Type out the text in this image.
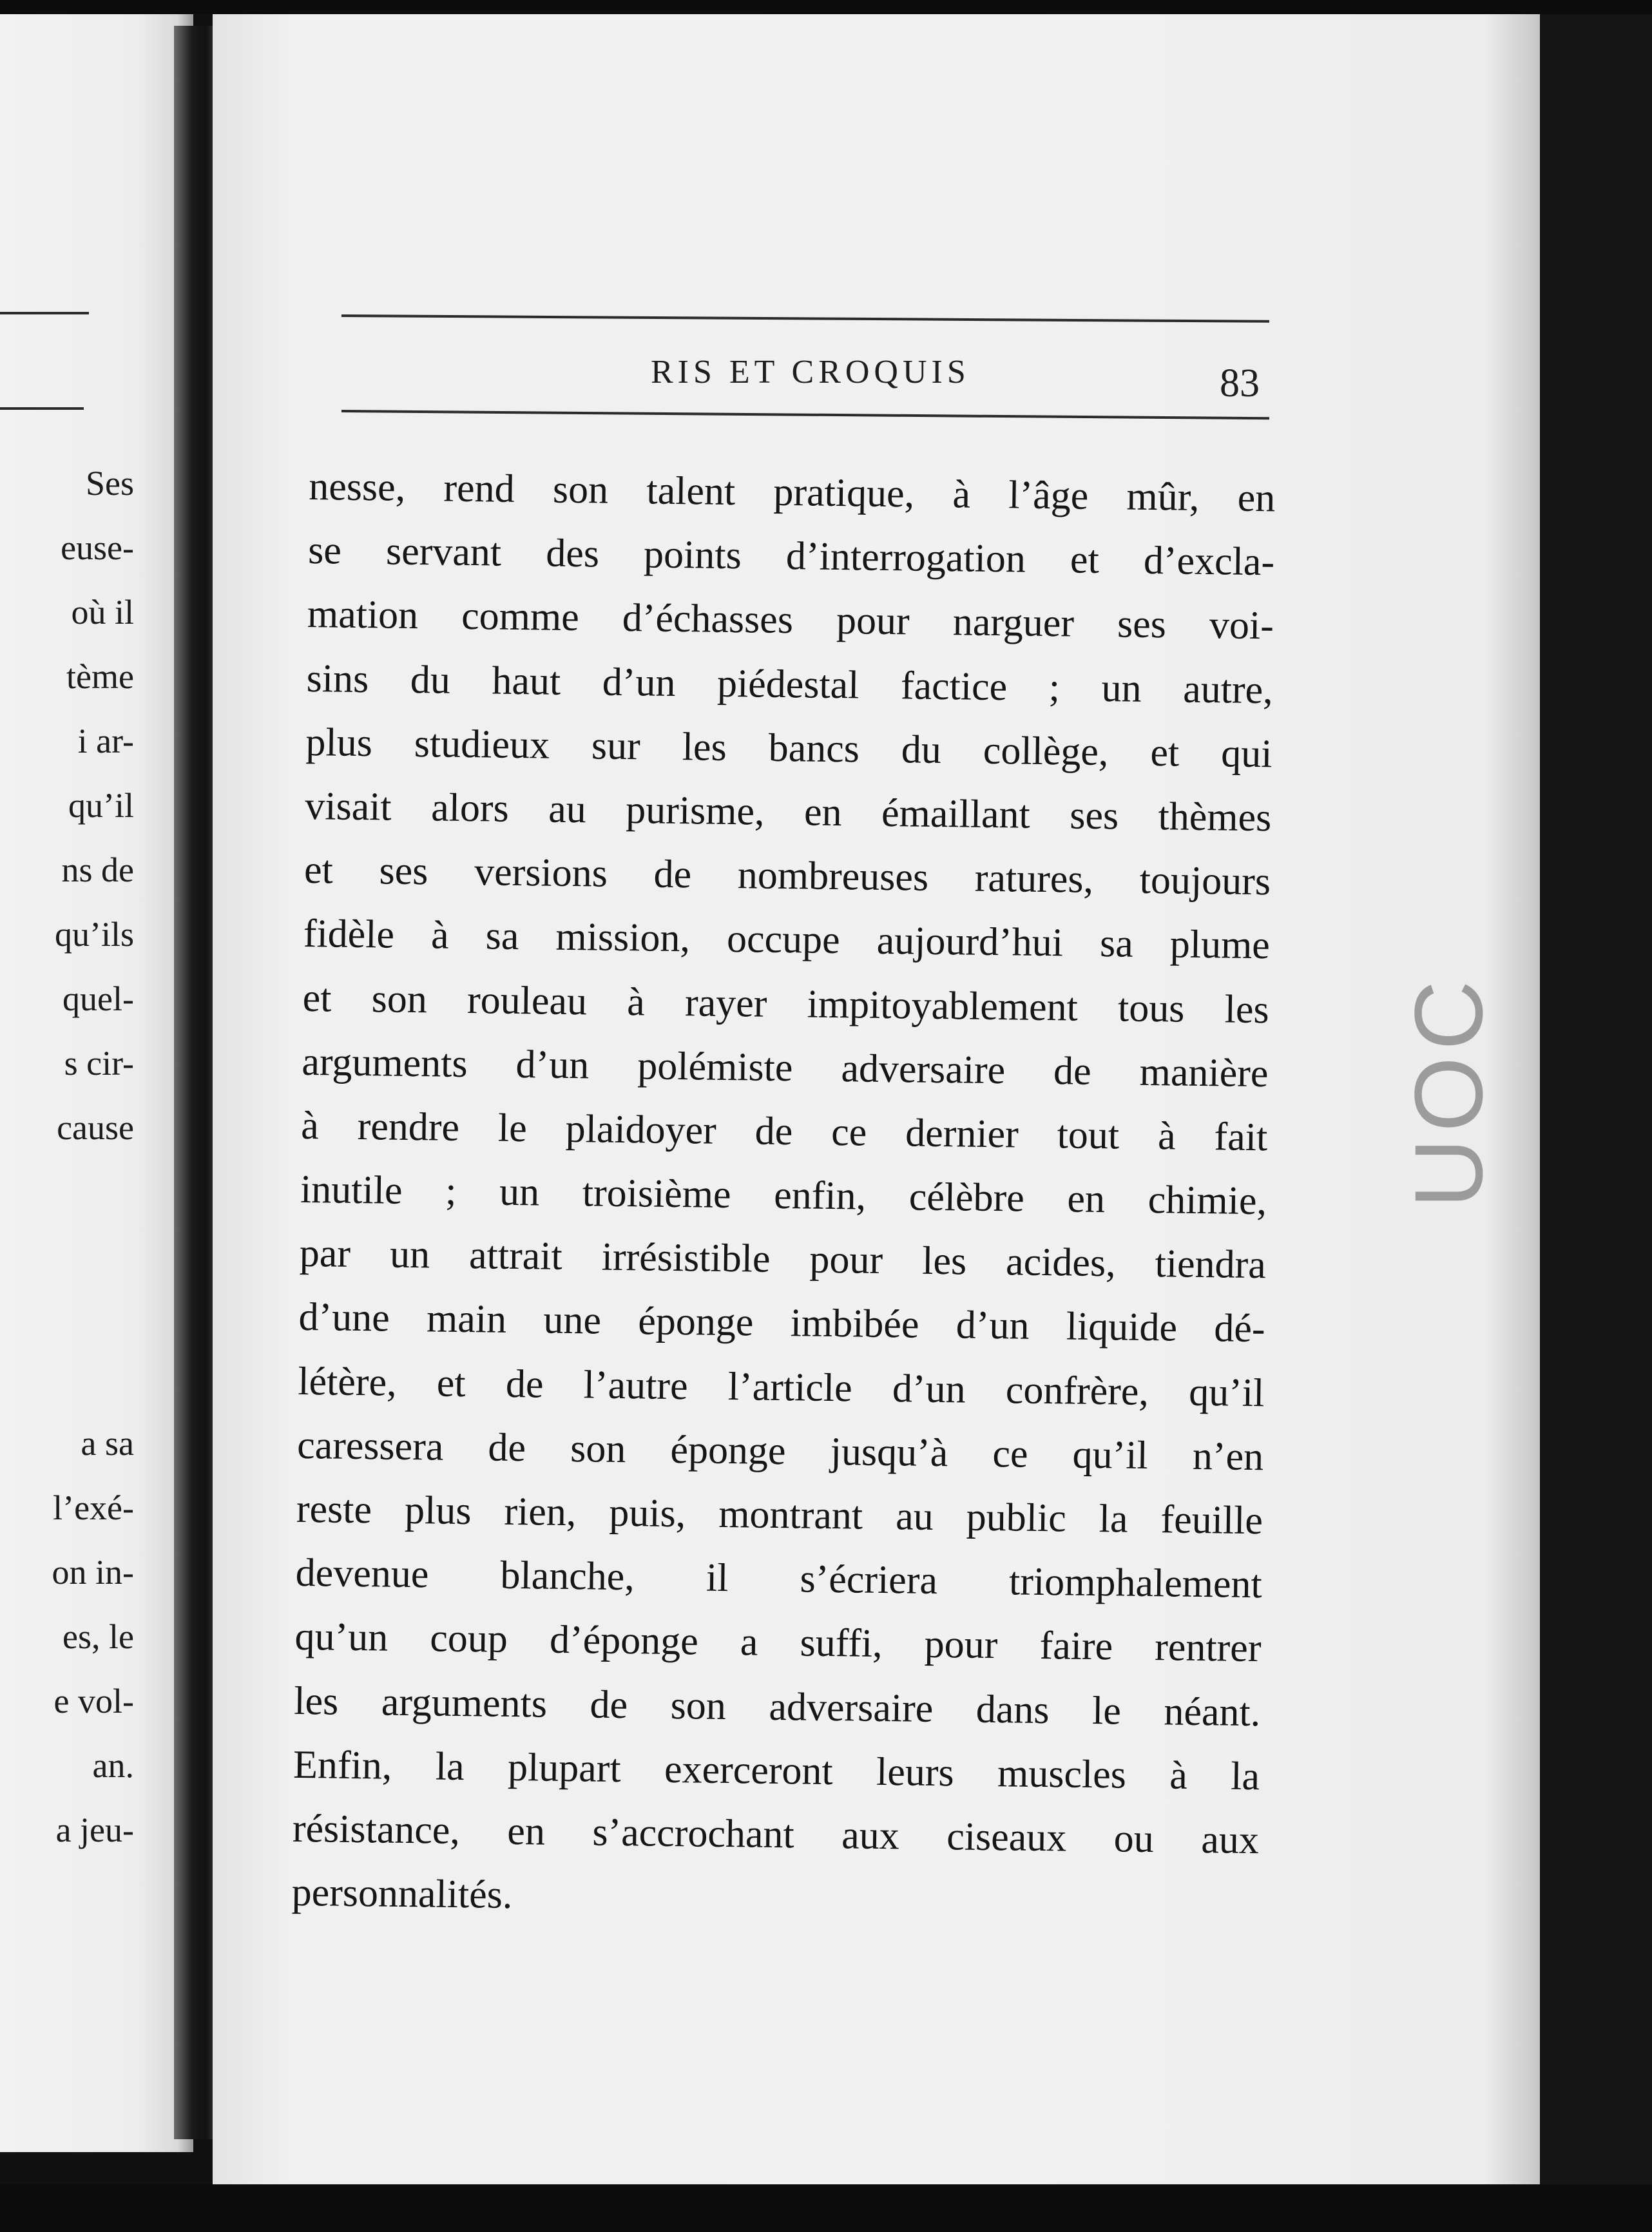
Ses
euse-
où il
tème
i ar-
qu’il
ns de
qu’ils
quel-
s cir-
cause
a sa
l’exé-
on in-
es, le
e vol-
an.
a jeu-
RIS ET CROQUIS	83
nesse, rend son talent pratique, à l’âge mûr, en
se servant des points d’interrogation et d’excla-
mation comme d’échasses pour narguer ses voi-
sins du haut d’un piédestal factice ; un autre,
plus studieux sur les bancs du collège, et qui
visait alors au purisme, en émaillant ses thèmes
et ses versions de nombreuses ratures, toujours
fidèle à sa mission, occupe aujourd’hui sa plume
et son rouleau à rayer impitoyablement tous les
arguments d’un polémiste adversaire de manière
à rendre le plaidoyer de ce dernier tout à fait
inutile ; un troisième enfin, célèbre en chimie,
par un attrait irrésistible pour les acides, tiendra
d’une main une éponge imbibée d’un liquide dé-
létère, et de l’autre l’article d’un confrère, qu’il
caressera de son éponge jusqu’à ce qu’il n’en
reste plus rien, puis, montrant au public la feuille
devenue blanche, il s’écriera triomphalement
qu’un coup d’éponge a suffi, pour faire rentrer
les arguments de son adversaire dans le néant.
Enfin, la plupart exerceront leurs muscles à la
résistance, en s’accrochant aux ciseaux ou aux
personnalités.
